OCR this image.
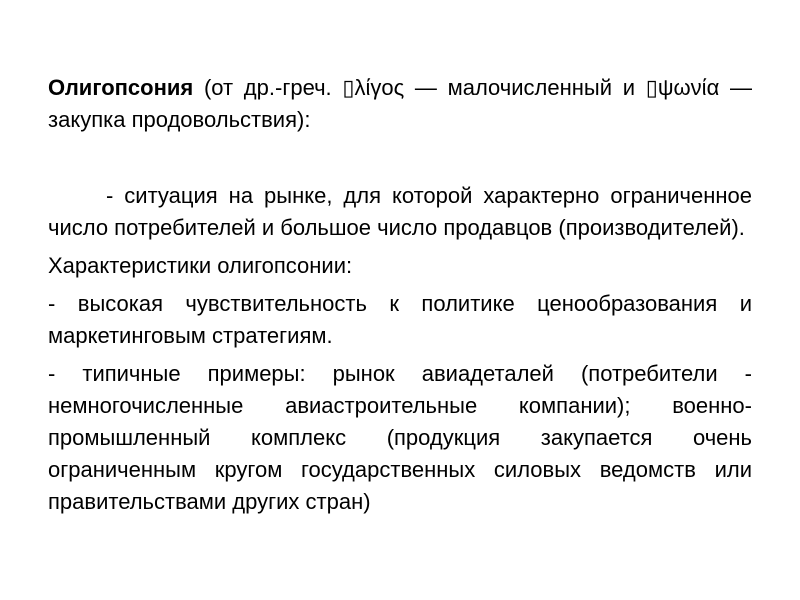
Олигопсония (от др.-греч. ▯λίγος — малочисленный и ▯ψωνία — закупка продовольствия):

- ситуация на рынке, для которой характерно ограниченное число потребителей и большое число продавцов (производителей).

Характеристики олигопсонии:

- высокая чувствительность к политике ценообразования и маркетинговым стратегиям.

- типичные примеры: рынок авиадеталей (потребители - немногочисленные авиастроительные компании); военно-промышленный комплекс (продукция закупается очень ограниченным кругом государственных силовых ведомств или правительствами других стран)
